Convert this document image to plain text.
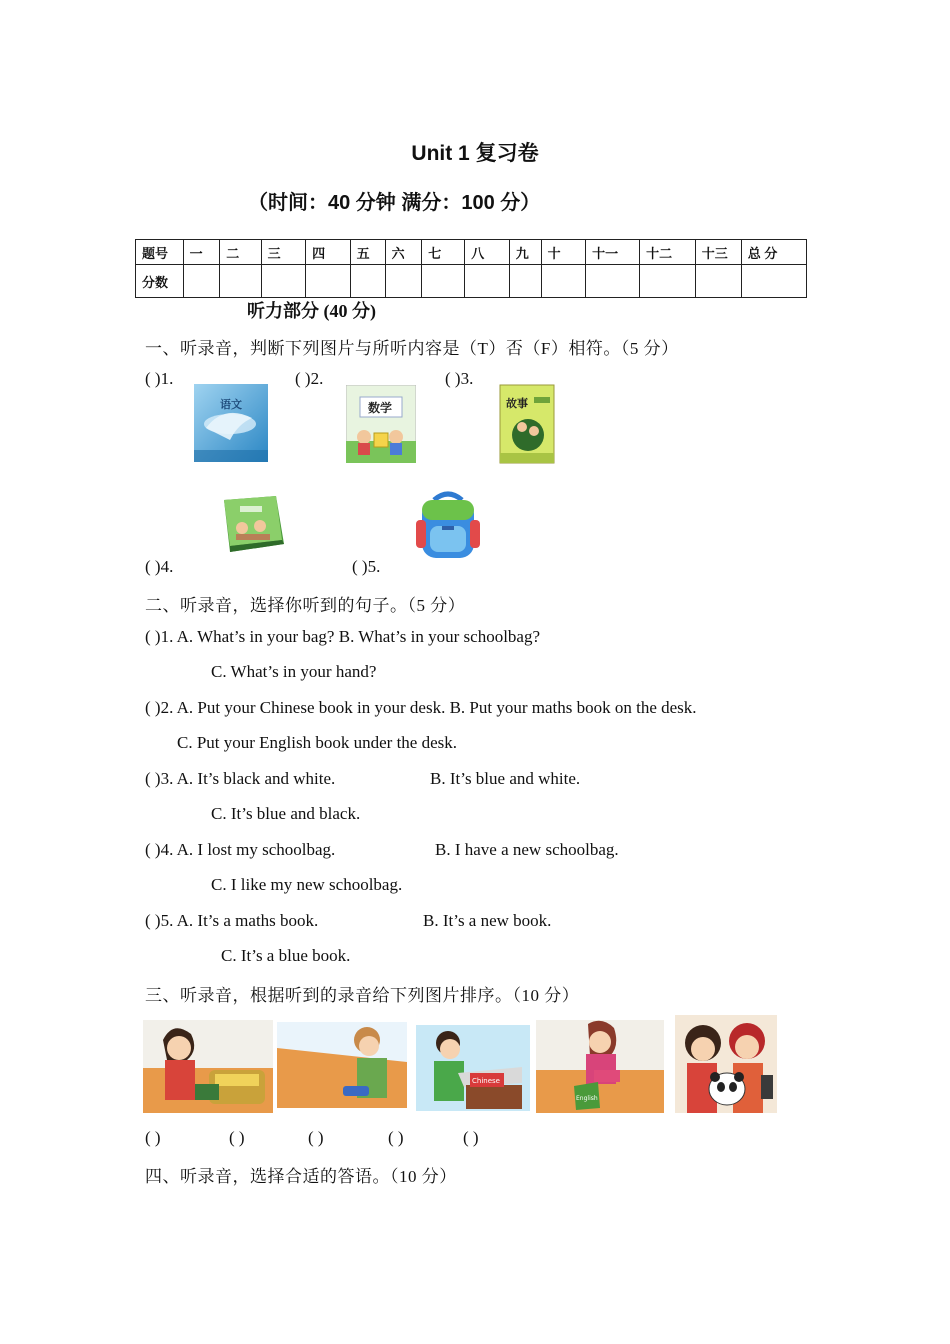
Unit 1 复习卷
（时间：40 分钟 满分：100 分）
题号	一	二	三	四	五	六	七	八	九	十	十一	十二	十三	总 分
分数														
听力部分 (40 分)
一、听录音，判断下列图片与所听内容是（T）否（F）相符。（5 分）
( )1.	( )2.	( )3.
( )4.	( )5.
语文	数学	故事
二、听录音，选择你听到的句子。（5 分）
( )1. A. What’s in your bag? B. What’s in your schoolbag?
C. What’s in your hand?
( )2. A. Put your Chinese book in your desk. B. Put your maths book on the desk.
C. Put your English book under the desk.
( )3. A. It’s black and white.	B. It’s blue and white.
C. It’s blue and black.
( )4. A. I lost my schoolbag.	B. I have a new schoolbag.
C. I like my new schoolbag.
( )5. A. It’s a maths book.	B. It’s a new book.
C. It’s a blue book.
三、听录音，根据听到的录音给下列图片排序。（10 分）
Chinese
English
( )	( )	( )	( )	( )
四、听录音，选择合适的答语。（10 分）
